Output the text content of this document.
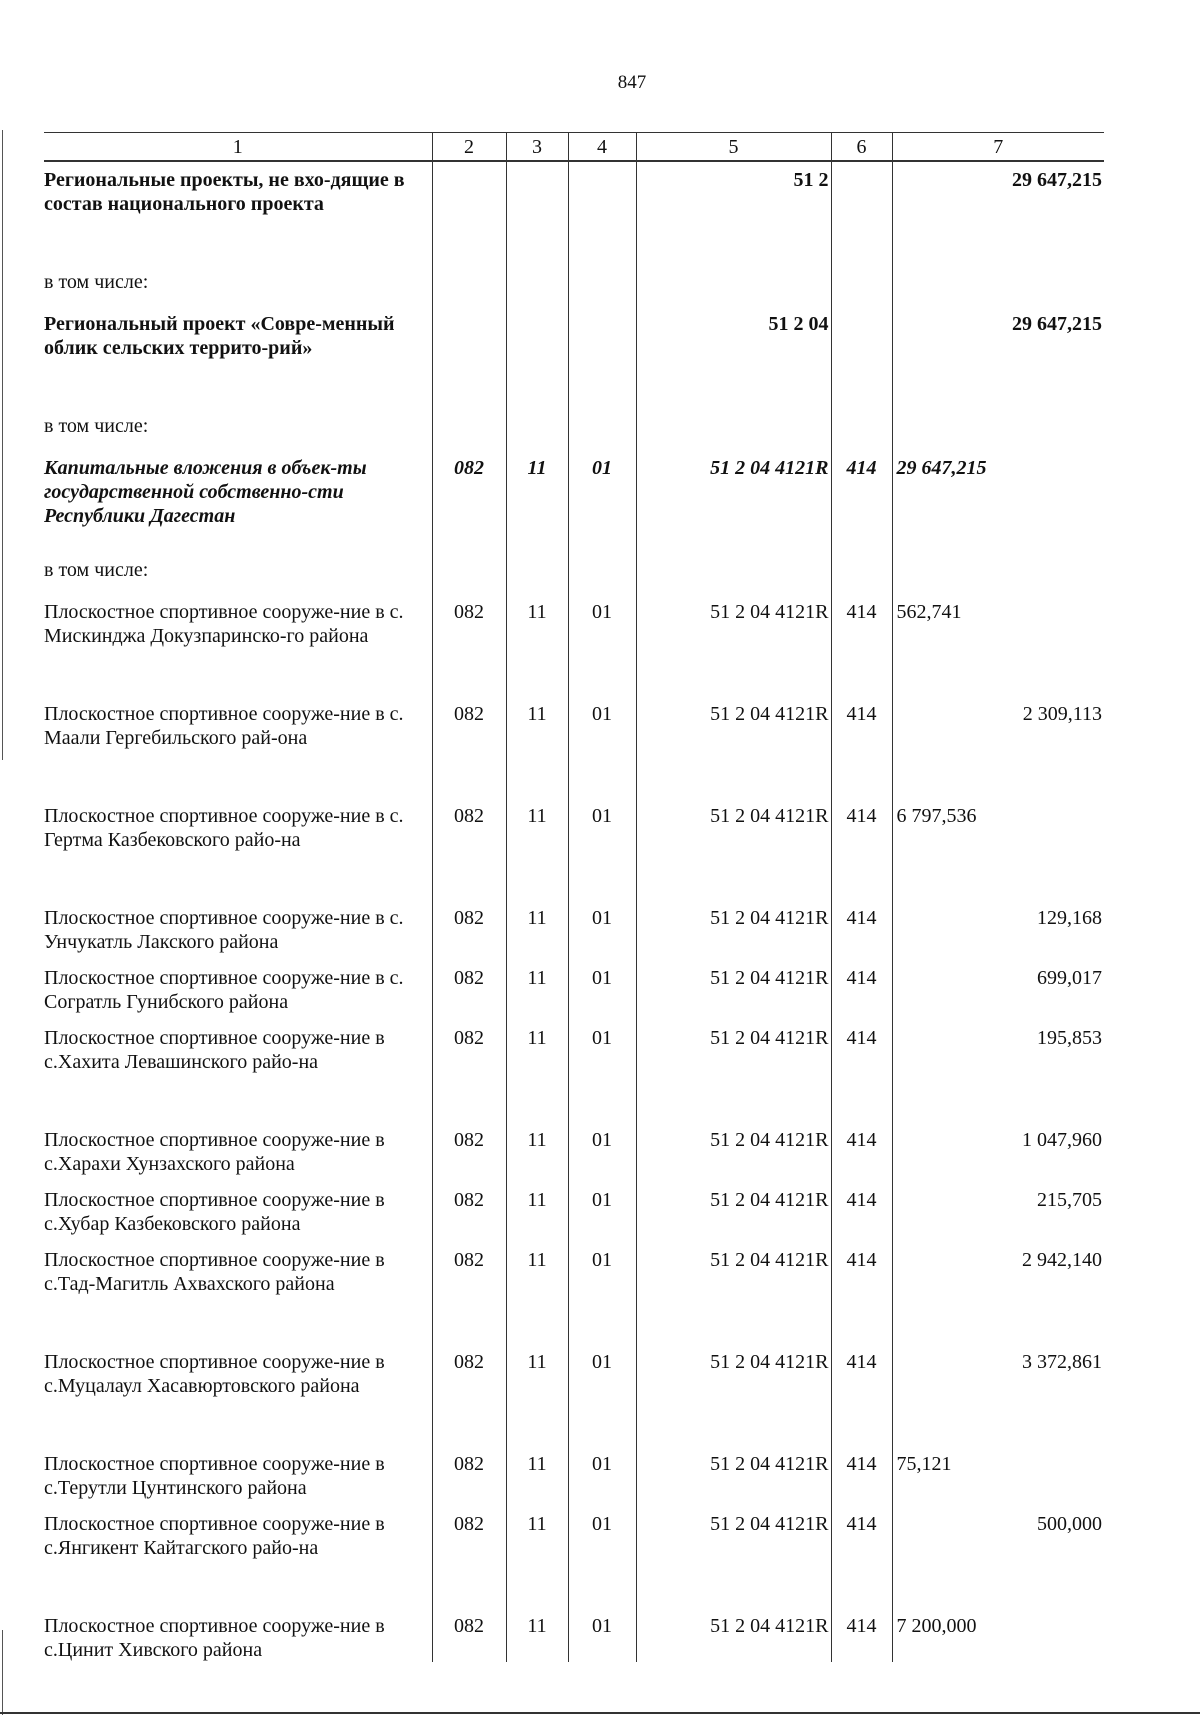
847
1	2	3	4	5	6	7
Региональные проекты, не вхо-дящие в состав национального проекта				51 2		29 647,215
в том числе:						
Региональный проект «Совре-менный облик сельских террито-рий»				51 2 04		29 647,215
в том числе:						
Капитальные вложения в объек-ты государственной собственно-сти Республики Дагестан	082	11	01	51 2 04 4121R	414	29 647,215
в том числе:						
Плоскостное спортивное сооруже-ние в с. Мискинджа Докузпаринско-го района	082	11	01	51 2 04 4121R	414	562,741
Плоскостное спортивное сооруже-ние в с. Маали Гергебильского рай-она	082	11	01	51 2 04 4121R	414	2 309,113
Плоскостное спортивное сооруже-ние в с. Гертма Казбековского райо-на	082	11	01	51 2 04 4121R	414	6 797,536
Плоскостное спортивное сооруже-ние в с. Унчукатль Лакского района	082	11	01	51 2 04 4121R	414	129,168
Плоскостное спортивное сооруже-ние в с. Согратль Гунибского района	082	11	01	51 2 04 4121R	414	699,017
Плоскостное спортивное сооруже-ние в с.Хахита Левашинского райо-на	082	11	01	51 2 04 4121R	414	195,853
Плоскостное спортивное сооруже-ние в с.Харахи Хунзахского района	082	11	01	51 2 04 4121R	414	1 047,960
Плоскостное спортивное сооруже-ние в с.Хубар Казбековского района	082	11	01	51 2 04 4121R	414	215,705
Плоскостное спортивное сооруже-ние в с.Тад-Магитль Ахвахского района	082	11	01	51 2 04 4121R	414	2 942,140
Плоскостное спортивное сооруже-ние в с.Муцалаул Хасавюртовского района	082	11	01	51 2 04 4121R	414	3 372,861
Плоскостное спортивное сооруже-ние в с.Терутли Цунтинского района	082	11	01	51 2 04 4121R	414	75,121
Плоскостное спортивное сооруже-ние в с.Янгикент Кайтагского райо-на	082	11	01	51 2 04 4121R	414	500,000
Плоскостное спортивное сооруже-ние в с.Цинит Хивского района	082	11	01	51 2 04 4121R	414	7 200,000
